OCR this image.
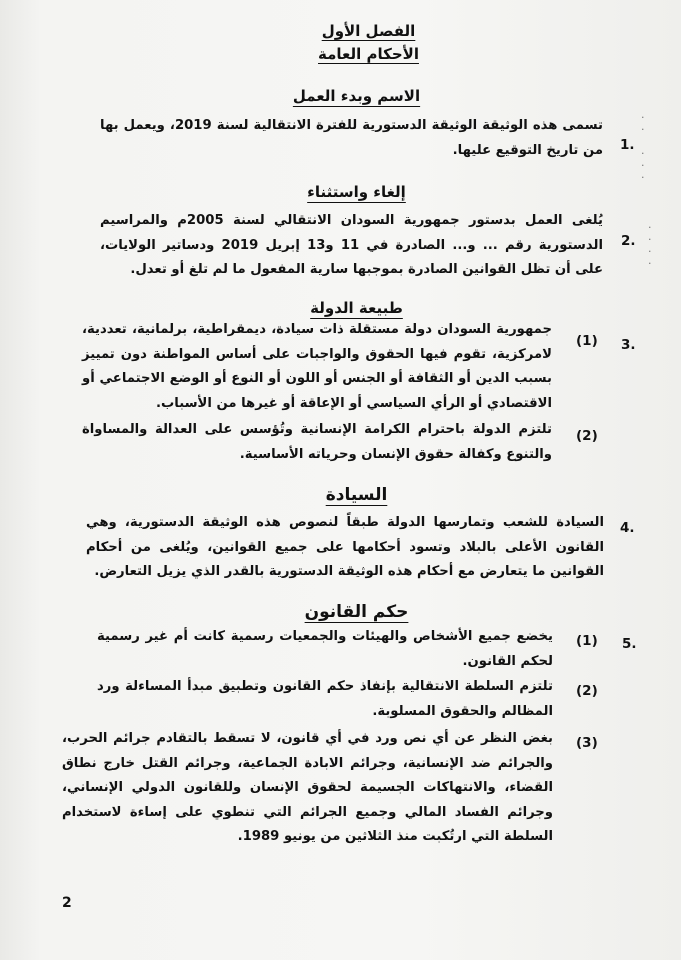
·
·

·
·
·
·
·
·
·
الفصل الأول
الأحكام العامة
الاسم وبدء العمل
1.
تسمى هذه الوثيقة الوثيقة الدستورية للفترة الانتقالية لسنة 2019، ويعمل بها من تاريخ التوقيع عليها.
إلغاء واستثناء
يُلغى العمل بدستور جمهورية السودان الانتقالي لسنة 2005م والمراسيم الدستورية رقم ... و... الصادرة في 11 و13 إبريل 2019 ودساتير الولايات، على أن تظل القوانين الصادرة بموجبها سارية المفعول ما لم تلغ أو تعدل.
2.
طبيعة الدولة
3.
(1)
جمهورية السودان دولة مستقلة ذات سيادة، ديمقراطية، برلمانية، تعددية، لامركزية، تقوم فيها الحقوق والواجبات على أساس المواطنة دون تمييز بسبب الدين أو الثقافة أو الجنس أو اللون أو النوع أو الوضع الاجتماعي أو الاقتصادي أو الرأي السياسي أو الإعاقة أو غيرها من الأسباب.
(2)
تلتزم الدولة باحترام الكرامة الإنسانية وتُؤسس على العدالة والمساواة والتنوع وكفالة حقوق الإنسان وحرياته الأساسية.
السيادة
4.
السيادة للشعب وتمارسها الدولة طبقاً لنصوص هذه الوثيقة الدستورية، وهي القانون الأعلى بالبلاد وتسود أحكامها على جميع القوانين، ويُلغى من أحكام القوانين ما يتعارض مع أحكام هذه الوثيقة الدستورية بالقدر الذي يزيل التعارض.
حكم القانون
5.
(1)
يخضع جميع الأشخاص والهيئات والجمعيات رسمية كانت أم غير رسمية لحكم القانون.
(2)
تلتزم السلطة الانتقالية بإنفاذ حكم القانون وتطبيق مبدأ المساءلة ورد المظالم والحقوق المسلوبة.
(3)
بغض النظر عن أي نص ورد في أي قانون، لا تسقط بالتقادم جرائم الحرب، والجرائم ضد الإنسانية، وجرائم الابادة الجماعية، وجرائم القتل خارج نطاق القضاء، والانتهاكات الجسيمة لحقوق الإنسان وللقانون الدولي الإنساني، وجرائم الفساد المالي وجميع الجرائم التي تنطوي على إساءة لاستخدام السلطة التي ارتُكبت منذ الثلاثين من يونيو 1989.
2
